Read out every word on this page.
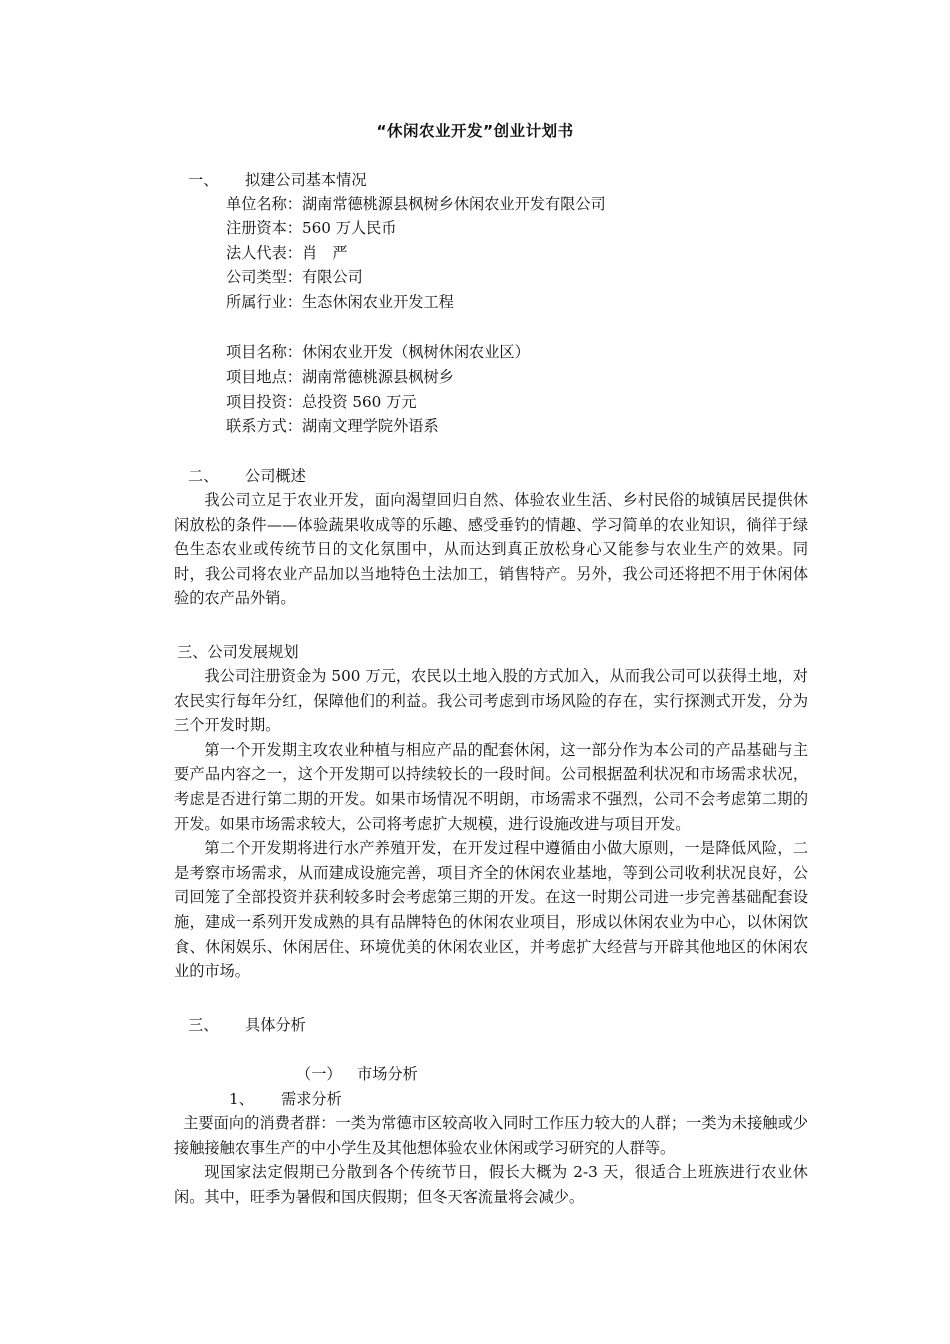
“休闲农业开发”创业计划书
一、 拟建公司基本情况
单位名称：湖南常德桃源县枫树乡休闲农业开发有限公司
注册资本：560 万人民币
法人代表：肖　严
公司类型：有限公司
所属行业：生态休闲农业开发工程
项目名称：休闲农业开发（枫树休闲农业区）
项目地点：湖南常德桃源县枫树乡
项目投资：总投资 560 万元
联系方式：湖南文理学院外语系
二、 公司概述

我公司立足于农业开发，面向渴望回归自然、体验农业生活、乡村民俗的城镇居民提供休闲放松的条件——体验蔬果收成等的乐趣、感受垂钓的情趣、学习简单的农业知识，徜徉于绿色生态农业或传统节日的文化氛围中，从而达到真正放松身心又能参与农业生产的效果。同时，我公司将农业产品加以当地特色土法加工，销售特产。另外，我公司还将把不用于休闲体验的农产品外销。

三、公司发展规划

我公司注册资金为 500 万元，农民以土地入股的方式加入，从而我公司可以获得土地，对农民实行每年分红，保障他们的利益。我公司考虑到市场风险的存在，实行探测式开发，分为三个开发时期。

第一个开发期主攻农业种植与相应产品的配套休闲，这一部分作为本公司的产品基础与主要产品内容之一，这个开发期可以持续较长的一段时间。公司根据盈利状况和市场需求状况，考虑是否进行第二期的开发。如果市场情况不明朗，市场需求不强烈，公司不会考虑第二期的开发。如果市场需求较大，公司将考虑扩大规模，进行设施改进与项目开发。

第二个开发期将进行水产养殖开发，在开发过程中遵循由小做大原则，一是降低风险，二是考察市场需求，从而建成设施完善，项目齐全的休闲农业基地，等到公司收利状况良好，公司回笼了全部投资并获利较多时会考虑第三期的开发。在这一时期公司进一步完善基础配套设施，建成一系列开发成熟的具有品牌特色的休闲农业项目，形成以休闲农业为中心，以休闲饮食、休闲娱乐、休闲居住、环境优美的休闲农业区，并考虑扩大经营与开辟其他地区的休闲农业的市场。

三、 具体分析
（一） 市场分析
1、 需求分析

主要面向的消费者群：一类为常德市区较高收入同时工作压力较大的人群；一类为未接触或少接触接触农事生产的中小学生及其他想体验农业休闲或学习研究的人群等。

现国家法定假期已分散到各个传统节日，假长大概为 2-3 天，很适合上班族进行农业休闲。其中，旺季为暑假和国庆假期；但冬天客流量将会减少。
